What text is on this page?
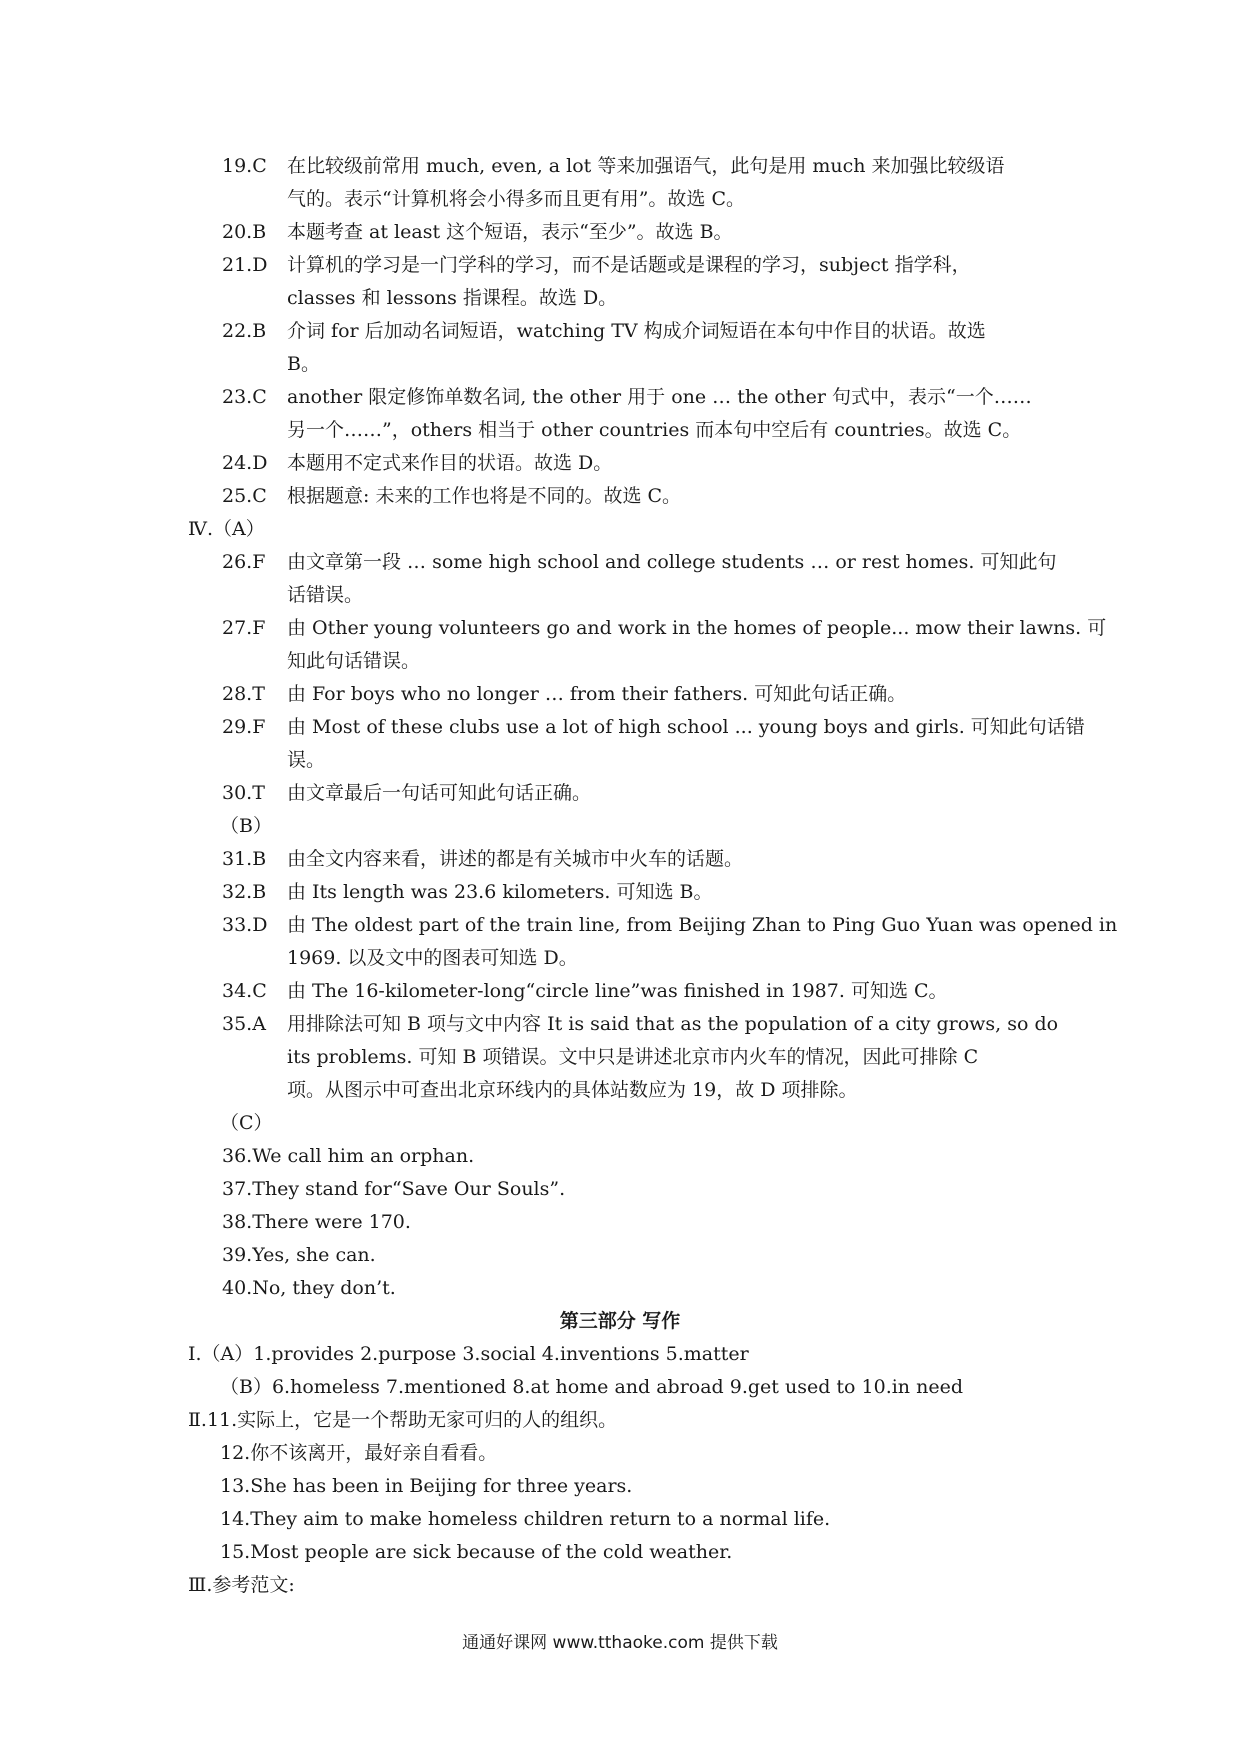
19.C 在比较级前常用 much, even, a lot 等来加强语气，此句是用 much 来加强比较级语
气的。表示“计算机将会小得多而且更有用”。故选 C。
20.B 本题考查 at least 这个短语，表示“至少”。故选 B。
21.D 计算机的学习是一门学科的学习，而不是话题或是课程的学习，subject 指学科，
classes 和 lessons 指课程。故选 D。
22.B 介词 for 后加动名词短语，watching TV 构成介词短语在本句中作目的状语。故选
B。
23.C another 限定修饰单数名词, the other 用于 one … the other 句式中，表示“一个……
另一个……”，others 相当于 other countries 而本句中空后有 countries。故选 C。
24.D 本题用不定式来作目的状语。故选 D。
25.C 根据题意: 未来的工作也将是不同的。故选 C。
Ⅳ.（A）
26.F 由文章第一段 … some high school and college students … or rest homes. 可知此句
话错误。
27.F 由 Other young volunteers go and work in the homes of people... mow their lawns. 可
知此句话错误。
28.T 由 For boys who no longer … from their fathers. 可知此句话正确。
29.F 由 Most of these clubs use a lot of high school ... young boys and girls. 可知此句话错
误。
30.T 由文章最后一句话可知此句话正确。
（B）
31.B 由全文内容来看，讲述的都是有关城市中火车的话题。
32.B 由 Its length was 23.6 kilometers. 可知选 B。
33.D 由 The oldest part of the train line, from Beijing Zhan to Ping Guo Yuan was opened in
1969. 以及文中的图表可知选 D。
34.C 由 The 16-kilometer-long“circle line”was finished in 1987. 可知选 C。
35.A 用排除法可知 B 项与文中内容 It is said that as the population of a city grows, so do
its problems. 可知 B 项错误。文中只是讲述北京市内火车的情况，因此可排除 C
项。从图示中可查出北京环线内的具体站数应为 19，故 D 项排除。
（C）
36.We call him an orphan.
37.They stand for“Save Our Souls”.
38.There were 170.
39.Yes, she can.
40.No, they don’t.
第三部分 写作
Ⅰ.（A）1.provides 2.purpose 3.social 4.inventions 5.matter
（B）6.homeless 7.mentioned 8.at home and abroad 9.get used to 10.in need
Ⅱ.11.实际上，它是一个帮助无家可归的人的组织。
12.你不该离开，最好亲自看看。
13.She has been in Beijing for three years.
14.They aim to make homeless children return to a normal life.
15.Most people are sick because of the cold weather.
Ⅲ.参考范文:
通通好课网 www.tthaoke.com 提供下载
